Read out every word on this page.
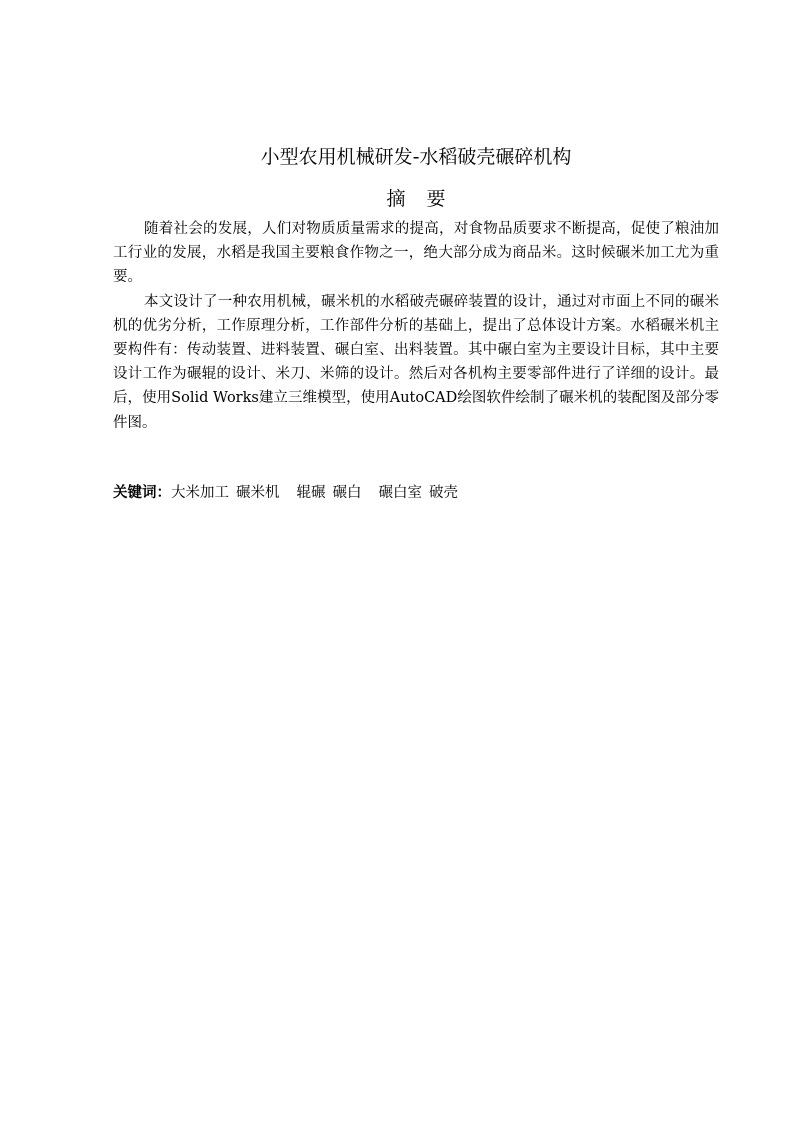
小型农用机械研发-水稻破壳碾碎机构
摘要

随着社会的发展，人们对物质质量需求的提高，对食物品质要求不断提高，促使了粮油加工行业的发展，水稻是我国主要粮食作物之一，绝大部分成为商品米。这时候碾米加工尤为重要。

本文设计了一种农用机械，碾米机的水稻破壳碾碎装置的设计，通过对市面上不同的碾米机的优劣分析，工作原理分析，工作部件分析的基础上，提出了总体设计方案。水稻碾米机主要构件有：传动装置、进料装置、碾白室、出料装置。其中碾白室为主要设计目标，其中主要设计工作为碾辊的设计、米刀、米筛的设计。然后对各机构主要零部件进行了详细的设计。最后，使用Solid Works建立三维模型，使用AutoCAD绘图软件绘制了碾米机的装配图及部分零件图。

关键词：大米加工 碾米机 辊碾 碾白 碾白室 破壳
